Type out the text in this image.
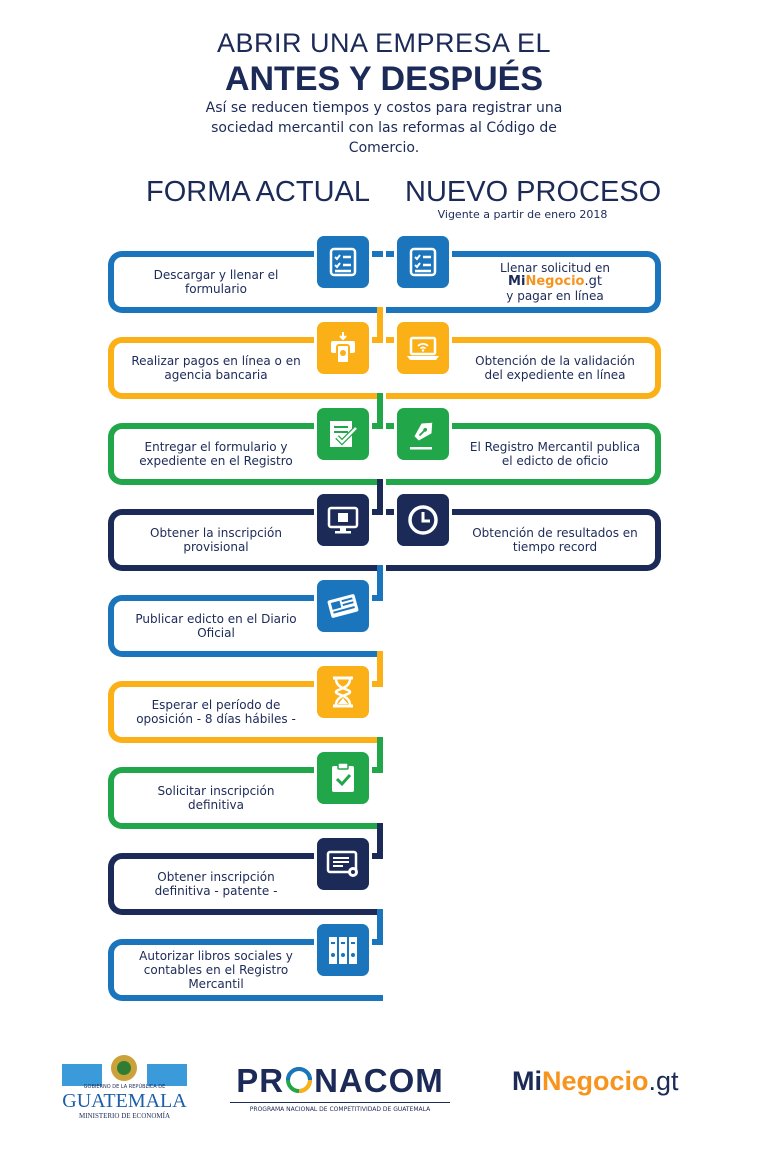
ABRIR UNA EMPRESA EL
ANTES Y DESPUÉS
Así se reducen tiempos y costos para registrar una sociedad mercantil con las reformas al Código de Comercio.
FORMA ACTUAL NUEVO PROCESO
Vigente a partir de enero 2018
Descargar y llenar el formulario
Realizar pagos en línea o en agencia bancaria
Entregar el formulario y expediente en el Registro
Obtener la inscripción provisional
Publicar edicto en el Diario Oficial
Esperar el período de oposición - 8 días hábiles -
Solicitar inscripción definitiva
Obtener inscripción definitiva - patente -
Autorizar libros sociales y contables en el Registro Mercantil
Llenar solicitud en
MiNegocio.gt
y pagar en línea
Obtención de la validación del expediente en línea
El Registro Mercantil publica el edicto de oficio
Obtención de resultados en tiempo record
GOBIERNO DE LA REPÚBLICA DE
GUATEMALA
MINISTERIO DE ECONOMÍA
PR NACOM
PROGRAMA NACIONAL DE COMPETITIVIDAD DE GUATEMALA
MiNegocio.gt
